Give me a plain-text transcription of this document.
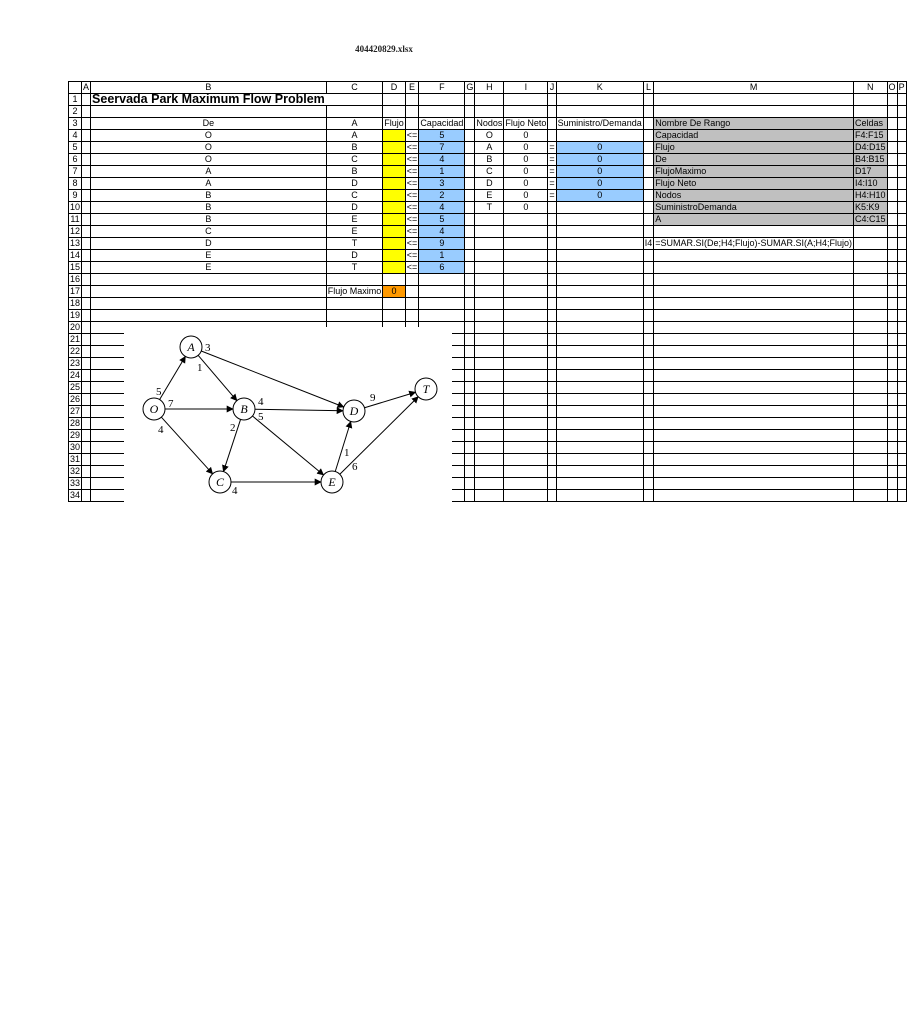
404420829.xlsx
	A	B	C	D	E	F	G	H	I	J	K	L	M	N	O	P
1		Seervada Park Maximum Flow Problem														
2																
3		De	A	Flujo		Capacidad		Nodos	Flujo Neto		Suministro/Demanda		Nombre De Rango	Celdas		
4		O	A		<=	5		O	0				Capacidad	F4:F15		
5		O	B		<=	7		A	0	=	0		Flujo	D4:D15		
6		O	C		<=	4		B	0	=	0		De	B4:B15		
7		A	B		<=	1		C	0	=	0		FlujoMaximo	D17		
8		A	D		<=	3		D	0	=	0		Flujo Neto	I4:I10		
9		B	C		<=	2		E	0	=	0		Nodos	H4:H10		
10		B	D		<=	4		T	0				SuministroDemanda	K5:K9		
11		B	E		<=	5							A	C4:C15		
12		C	E		<=	4										
13		D	T		<=	9						I4	=SUMAR.SI(De;H4;Flujo)-SUMAR.SI(A;H4;Flujo)			
14		E	D		<=	1										
15		E	T		<=	6										
16																
17			Flujo Maximo	0												
18																
19																
20																
21																
22																
23																
24																
25																
26																
27																
28																
29																
30																
31																
32																
33																
34																
O
A
B
C
D
E
T
5
7
4
1
3
2
4
5
4
9
1
6
